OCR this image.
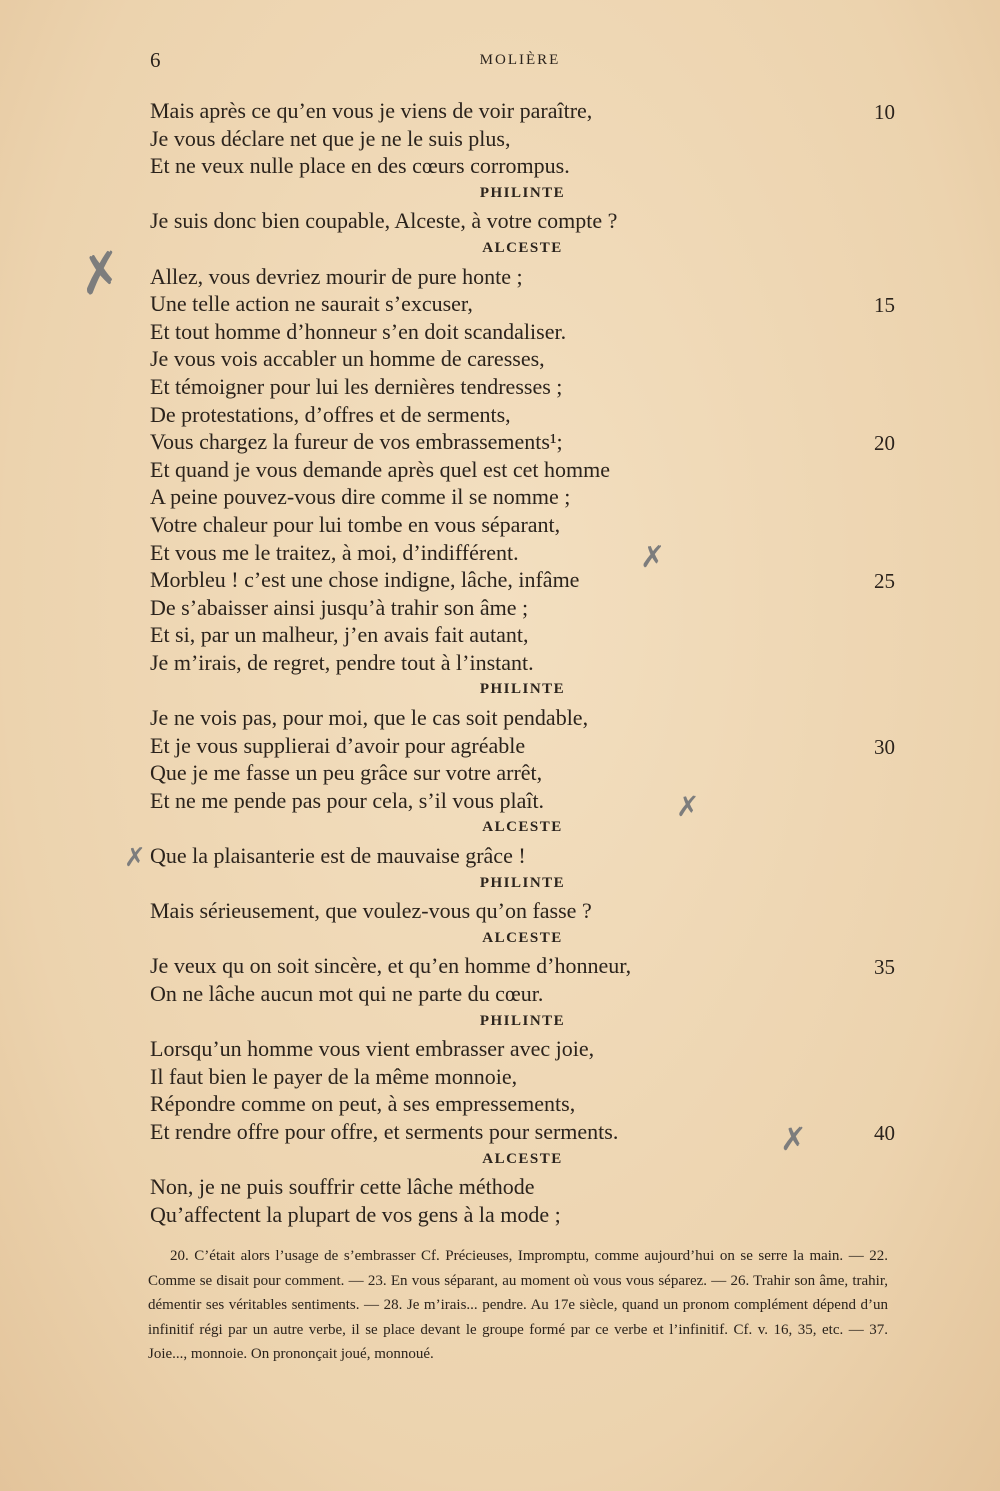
6	MOLIÈRE
Mais après ce qu’en vous je viens de voir paraître,	10
Je vous déclare net que je ne le suis plus,
Et ne veux nulle place en des cœurs corrompus.
PHILINTE
Je suis donc bien coupable, Alceste, à votre compte ?
ALCESTE
Allez, vous devriez mourir de pure honte ;
Une telle action ne saurait s’excuser,	15
Et tout homme d’honneur s’en doit scandaliser.
Je vous vois accabler un homme de caresses,
Et témoigner pour lui les dernières tendresses ;
De protestations, d’offres et de serments,
Vous chargez la fureur de vos embrassements¹;	20
Et quand je vous demande après quel est cet homme
A peine pouvez-vous dire comme il se nomme ;
Votre chaleur pour lui tombe en vous séparant,
Et vous me le traitez, à moi, d’indifférent.
Morbleu ! c’est une chose indigne, lâche, infâme	25
De s’abaisser ainsi jusqu’à trahir son âme ;
Et si, par un malheur, j’en avais fait autant,
Je m’irais, de regret, pendre tout à l’instant.
PHILINTE
Je ne vois pas, pour moi, que le cas soit pendable,
Et je vous supplierai d’avoir pour agréable	30
Que je me fasse un peu grâce sur votre arrêt,
Et ne me pende pas pour cela, s’il vous plaît.
ALCESTE
Que la plaisanterie est de mauvaise grâce !
PHILINTE
Mais sérieusement, que voulez-vous qu’on fasse ?
ALCESTE
Je veux qu on soit sincère, et qu’en homme d’honneur,	35
On ne lâche aucun mot qui ne parte du cœur.
PHILINTE
Lorsqu’un homme vous vient embrasser avec joie,
Il faut bien le payer de la même monnoie,
Répondre comme on peut, à ses empressements,
Et rendre offre pour offre, et serments pour serments.	40
ALCESTE
Non, je ne puis souffrir cette lâche méthode
Qu’affectent la plupart de vos gens à la mode ;

20. C’était alors l’usage de s’embrasser Cf. Précieuses, Impromptu, comme aujourd’hui on se serre la main. — 22. Comme se disait pour comment. — 23. En vous séparant, au moment où vous vous séparez. — 26. Trahir son âme, trahir, démentir ses véritables sentiments. — 28. Je m’irais... pendre. Au 17e siècle, quand un pronom complément dépend d’un infinitif régi par un autre verbe, il se place devant le groupe formé par ce verbe et l’infinitif. Cf. v. 16, 35, etc. — 37. Joie..., monnoie. On prononçait joué, monnoué.

✗
✗
✗
✗
✗
